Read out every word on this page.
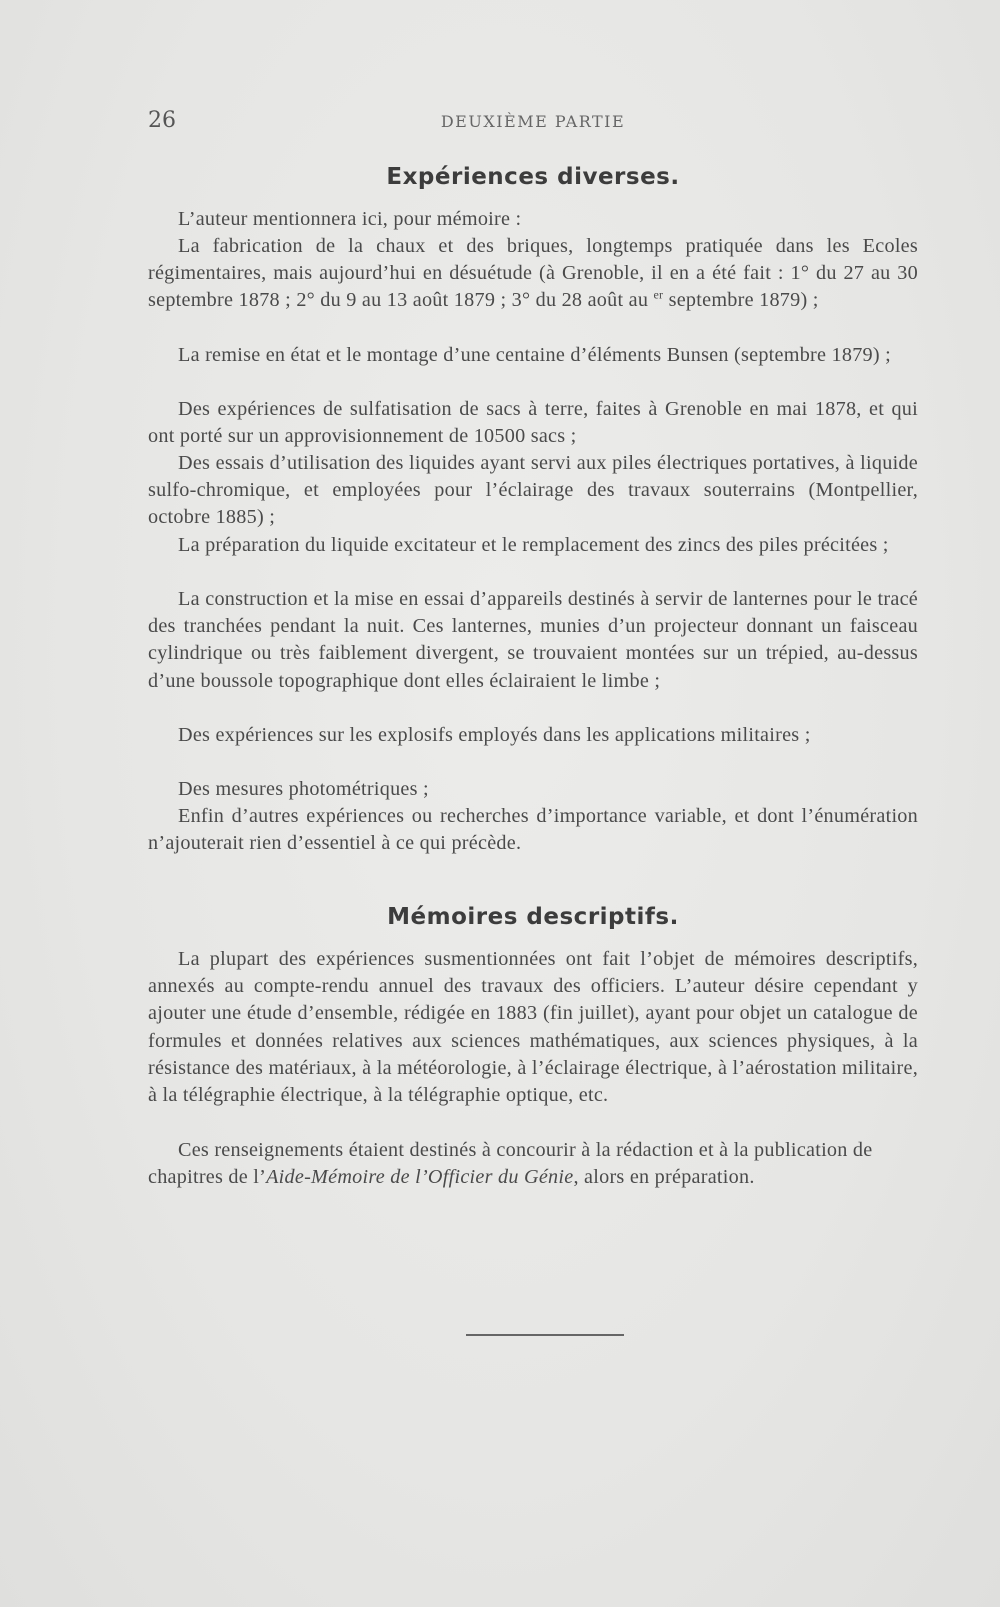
26	DEUXIÈME PARTIE
Expériences diverses.

L’auteur mentionnera ici, pour mémoire :

La fabrication de la chaux et des briques, longtemps pratiquée dans les Ecoles régimentaires, mais aujourd’hui en désuétude (à Grenoble, il en a été fait : 1° du 27 au 30 septembre 1878 ; 2° du 9 au 13 août 1879 ; 3° du 28 août au $^{er}$ septembre 1879) ;

La remise en état et le montage d’une centaine d’éléments Bunsen (septembre 1879) ;

Des expériences de sulfatisation de sacs à terre, faites à Grenoble en mai 1878, et qui ont porté sur un approvisionnement de 10500 sacs ;

Des essais d’utilisation des liquides ayant servi aux piles électriques portatives, à liquide sulfo-chromique, et employées pour l’éclairage des travaux souterrains (Montpellier, octobre 1885) ;

La préparation du liquide excitateur et le remplacement des zincs des piles précitées ;

La construction et la mise en essai d’appareils destinés à servir de lanternes pour le tracé des tranchées pendant la nuit. Ces lanternes, munies d’un projecteur donnant un faisceau cylindrique ou très faiblement divergent, se trouvaient montées sur un trépied, au-dessus d’une boussole topographique dont elles éclairaient le limbe ;

Des expériences sur les explosifs employés dans les applications militaires ;

Des mesures photométriques ;

Enfin d’autres expériences ou recherches d’importance variable, et dont l’énumération n’ajouterait rien d’essentiel à ce qui précède.

Mémoires descriptifs.

La plupart des expériences susmentionnées ont fait l’objet de mémoires descriptifs, annexés au compte-rendu annuel des travaux des officiers. L’auteur désire cependant y ajouter une étude d’ensemble, rédigée en 1883 (fin juillet), ayant pour objet un catalogue de formules et données relatives aux sciences mathématiques, aux sciences physiques, à la résistance des matériaux, à la météorologie, à l’éclairage électrique, à l’aérostation militaire, à la télégraphie électrique, à la télégraphie optique, etc.

Ces renseignements étaient destinés à concourir à la rédaction et à la publication de chapitres de l’Aide-Mémoire de l’Officier du Génie, alors en préparation.
